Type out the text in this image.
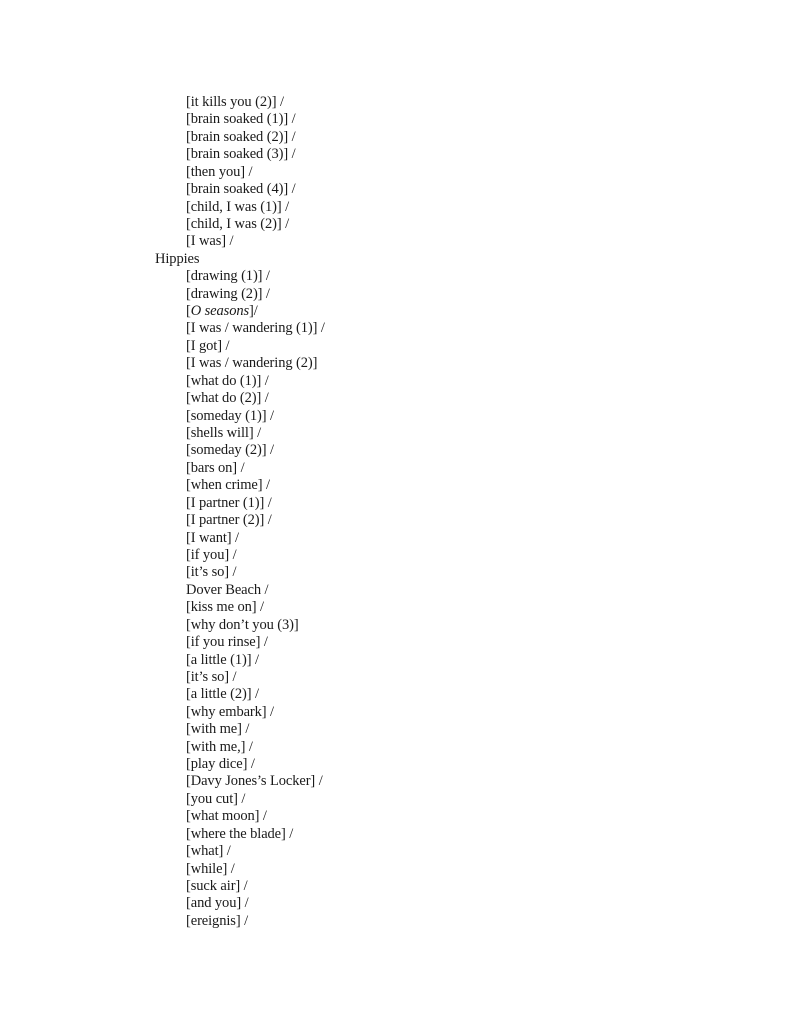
[it kills you (2)] /
[brain soaked (1)] /
[brain soaked (2)] /
[brain soaked (3)] /
[then you] /
[brain soaked (4)] /
[child, I was (1)] /
[child, I was (2)] /
[I was] /
Hippies
[drawing (1)] /
[drawing (2)] /
[O seasons]/
[I was / wandering (1)] /
[I got] /
[I was / wandering (2)]
[what do (1)] /
[what do (2)] /
[someday (1)] /
[shells will] /
[someday (2)] /
[bars on] /
[when crime] /
[I partner (1)] /
[I partner (2)] /
[I want] /
[if you] /
[it’s so] /
Dover Beach /
[kiss me on] /
[why don’t you (3)]
[if you rinse] /
[a little (1)] /
[it’s so] /
[a little (2)] /
[why embark] /
[with me] /
[with me,] /
[play dice] /
[Davy Jones’s Locker] /
[you cut] /
[what moon] /
[where the blade] /
[what] /
[while] /
[suck air] /
[and you] /
[ereignis] /
